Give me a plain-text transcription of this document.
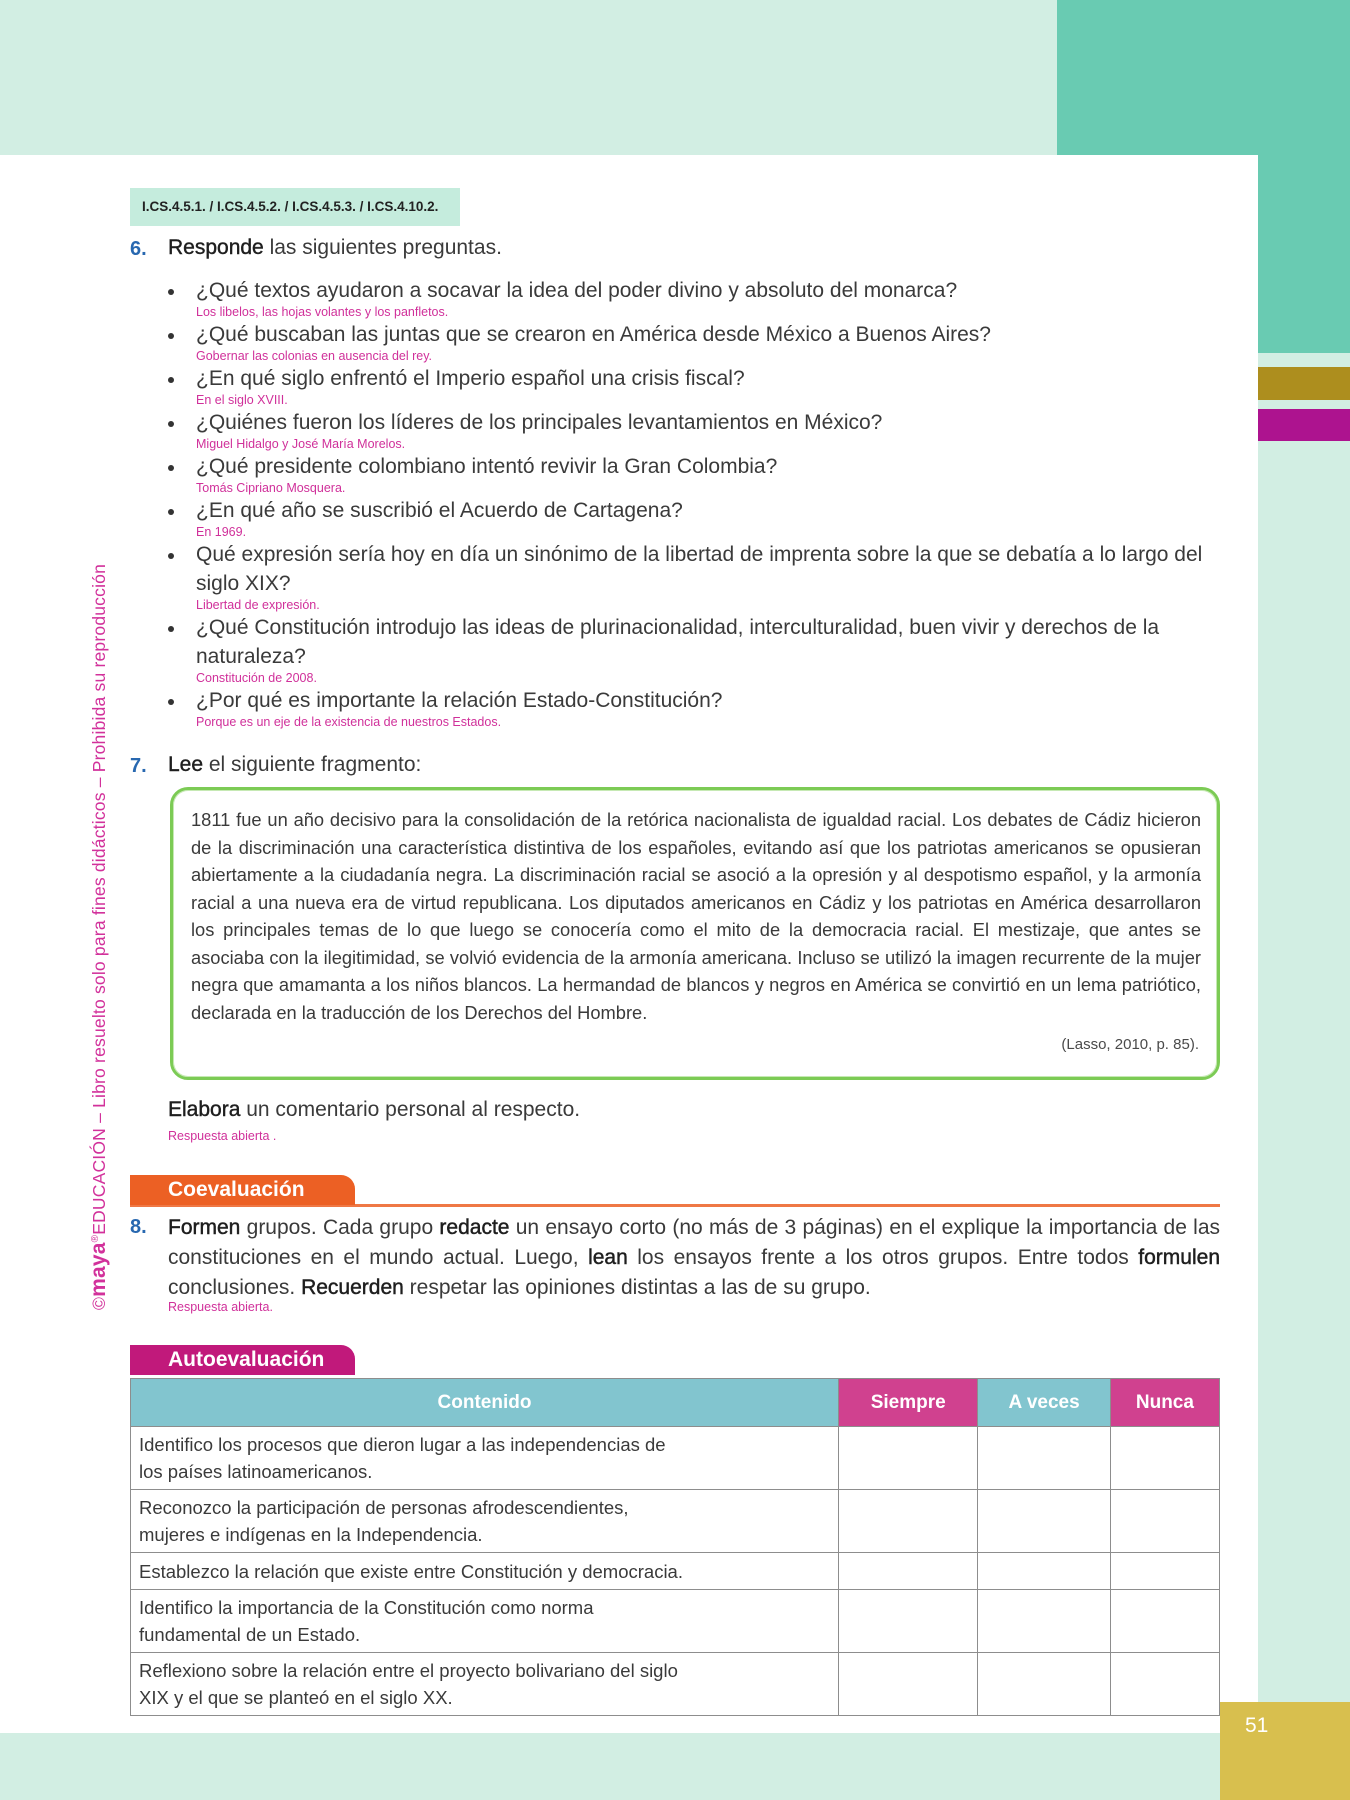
©maya®EDUCACIÓN – Libro resuelto solo para fines didácticos – Prohibida su reproducción
I.CS.4.5.1. / I.CS.4.5.2. / I.CS.4.5.3. / I.CS.4.10.2.
6. Responde las siguientes preguntas.
¿Qué textos ayudaron a socavar la idea del poder divino y absoluto del monarca?
Los libelos, las hojas volantes y los panfletos.
¿Qué buscaban las juntas que se crearon en América desde México a Buenos Aires?
Gobernar las colonias en ausencia del rey.
¿En qué siglo enfrentó el Imperio español una crisis fiscal?
En el siglo XVIII.
¿Quiénes fueron los líderes de los principales levantamientos en México?
Miguel Hidalgo y José María Morelos.
¿Qué presidente colombiano intentó revivir la Gran Colombia?
Tomás Cipriano Mosquera.
¿En qué año se suscribió el Acuerdo de Cartagena?
En 1969.
Qué expresión sería hoy en día un sinónimo de la libertad de imprenta sobre la que se debatía a lo largo del siglo XIX?
Libertad de expresión.
¿Qué Constitución introdujo las ideas de plurinacionalidad, interculturalidad, buen vivir y derechos de la naturaleza?
Constitución de 2008.
¿Por qué es importante la relación Estado-Constitución?
Porque es un eje de la existencia de nuestros Estados.
7. Lee el siguiente fragmento:
1811 fue un año decisivo para la consolidación de la retórica nacionalista de igualdad racial. Los debates de Cádiz hicieron de la discriminación una característica distintiva de los españoles, evitando así que los patriotas americanos se opusieran abiertamente a la ciudadanía negra. La discriminación racial se asoció a la opresión y al despotismo español, y la armonía racial a una nueva era de virtud republicana. Los diputados americanos en Cádiz y los patriotas en América desarrollaron los principales temas de lo que luego se conocería como el mito de la democracia racial. El mestizaje, que antes se asociaba con la ilegitimidad, se volvió evidencia de la armonía americana. Incluso se utilizó la imagen recurrente de la mujer negra que amamanta a los niños blancos. La hermandad de blancos y negros en América se convirtió en un lema patriótico, declarada en la traducción de los Derechos del Hombre.
(Lasso, 2010, p. 85).
Elabora un comentario personal al respecto.
Respuesta abierta .
Coevaluación
8. Formen grupos. Cada grupo redacte un ensayo corto (no más de 3 páginas) en el explique la importancia de las constituciones en el mundo actual. Luego, lean los ensayos frente a los otros grupos. Entre todos formulen conclusiones. Recuerden respetar las opiniones distintas a las de su grupo.
Respuesta abierta.
Autoevaluación
Contenido	Siempre	A veces	Nunca
Identifico los procesos que dieron lugar a las independencias de los países latinoamericanos.			
Reconozco la participación de personas afrodescendientes, mujeres e indígenas en la Independencia.			
Establezco la relación que existe entre Constitución y democracia.			
Identifico la importancia de la Constitución como norma fundamental de un Estado.			
Reflexiono sobre la relación entre el proyecto bolivariano del siglo XIX y el que se planteó en el siglo XX.			
51
